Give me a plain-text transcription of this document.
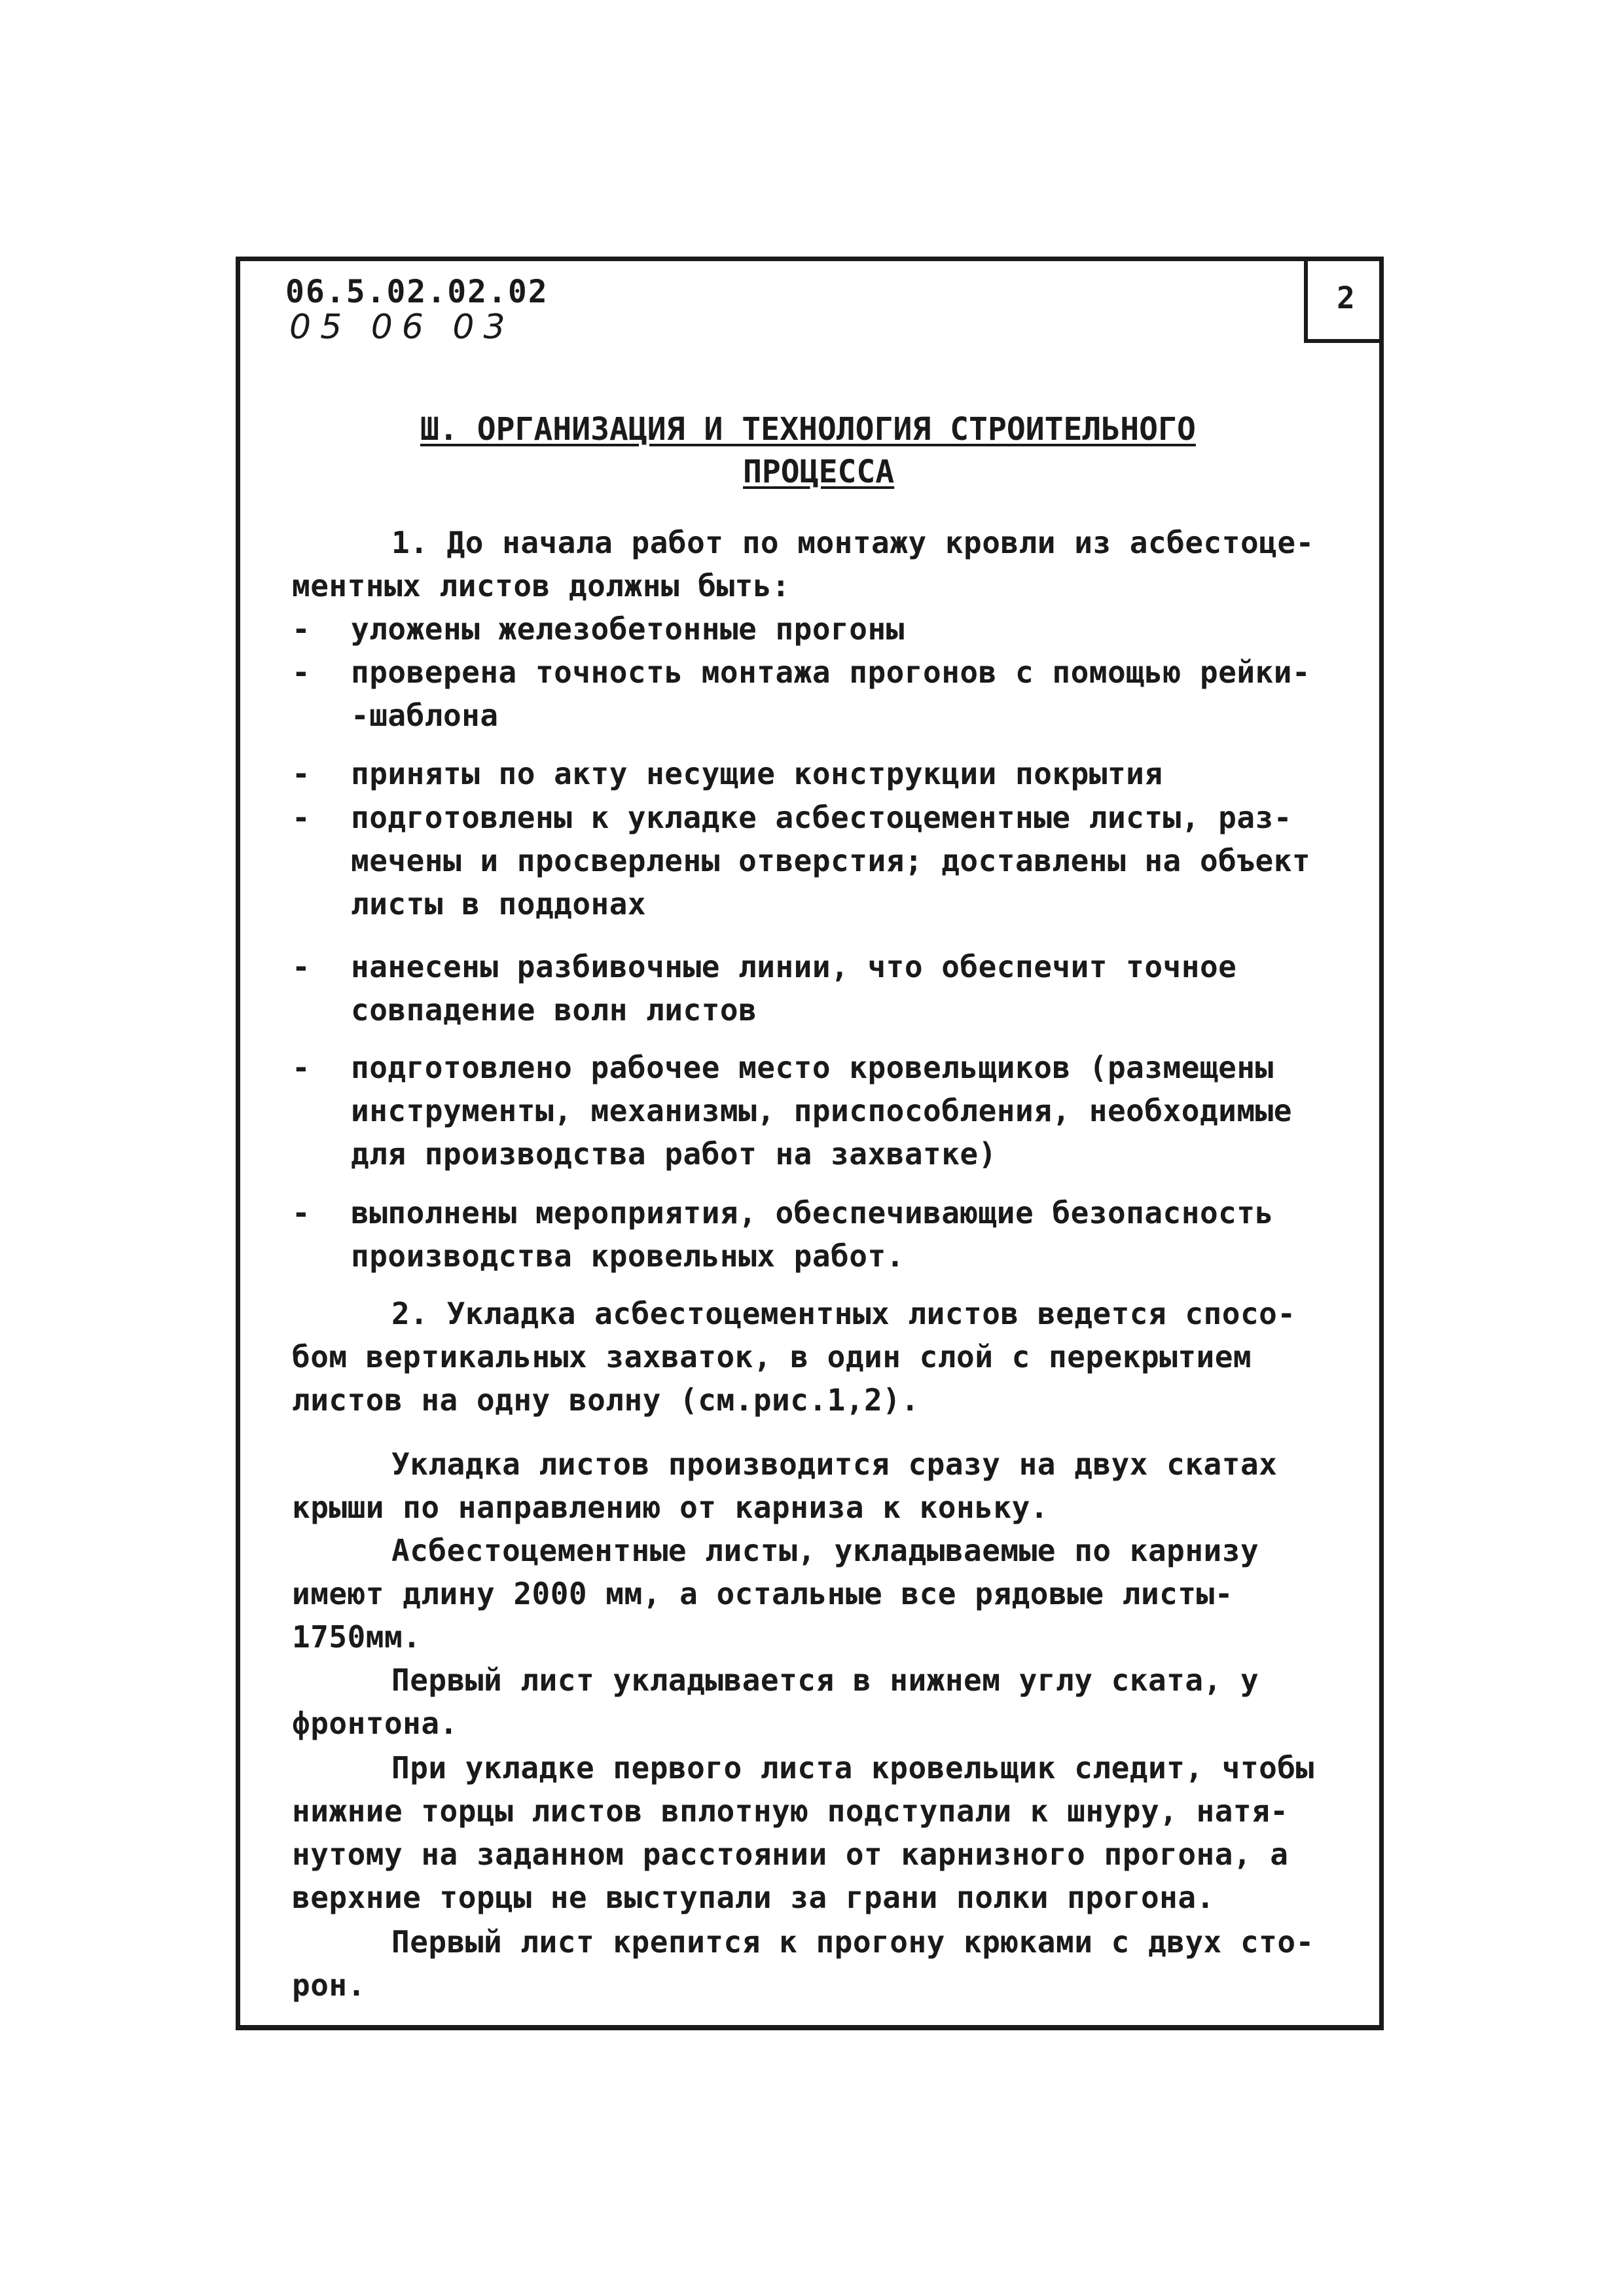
2
06.5.02.02.02
05 06 03
Ш. ОРГАНИЗАЦИЯ И ТЕХНОЛОГИЯ СТРОИТЕЛЬНОГО
ПРОЦЕССА
1. До начала работ по монтажу кровли из асбестоце-
ментных листов должны быть:
- уложены железобетонные прогоны
- проверена точность монтажа прогонов с помощью рейки-
-шаблона
- приняты по акту несущие конструкции покрытия
- подготовлены к укладке асбестоцементные листы, раз-
мечены и просверлены отверстия; доставлены на объект
листы в поддонах
- нанесены разбивочные линии, что обеспечит точное
совпадение волн листов
- подготовлено рабочее место кровельщиков (размещены
инструменты, механизмы, приспособления, необходимые
для производства работ на захватке)
- выполнены мероприятия, обеспечивающие безопасность
производства кровельных работ.
2. Укладка асбестоцементных листов ведется спосо-
бом вертикальных захваток, в один слой с перекрытием
листов на одну волну (см.рис.1,2).
Укладка листов производится сразу на двух скатах
крыши по направлению от карниза к коньку.
Асбестоцементные листы, укладываемые по карнизу
имеют длину 2000 мм, а остальные все рядовые листы-
1750мм.
Первый лист укладывается в нижнем углу ската, у
фронтона.
При укладке первого листа кровельщик следит, чтобы
нижние торцы листов вплотную подступали к шнуру, натя-
нутому на заданном расстоянии от карнизного прогона, а
верхние торцы не выступали за грани полки прогона.
Первый лист крепится к прогону крюками с двух сто-
рон.
